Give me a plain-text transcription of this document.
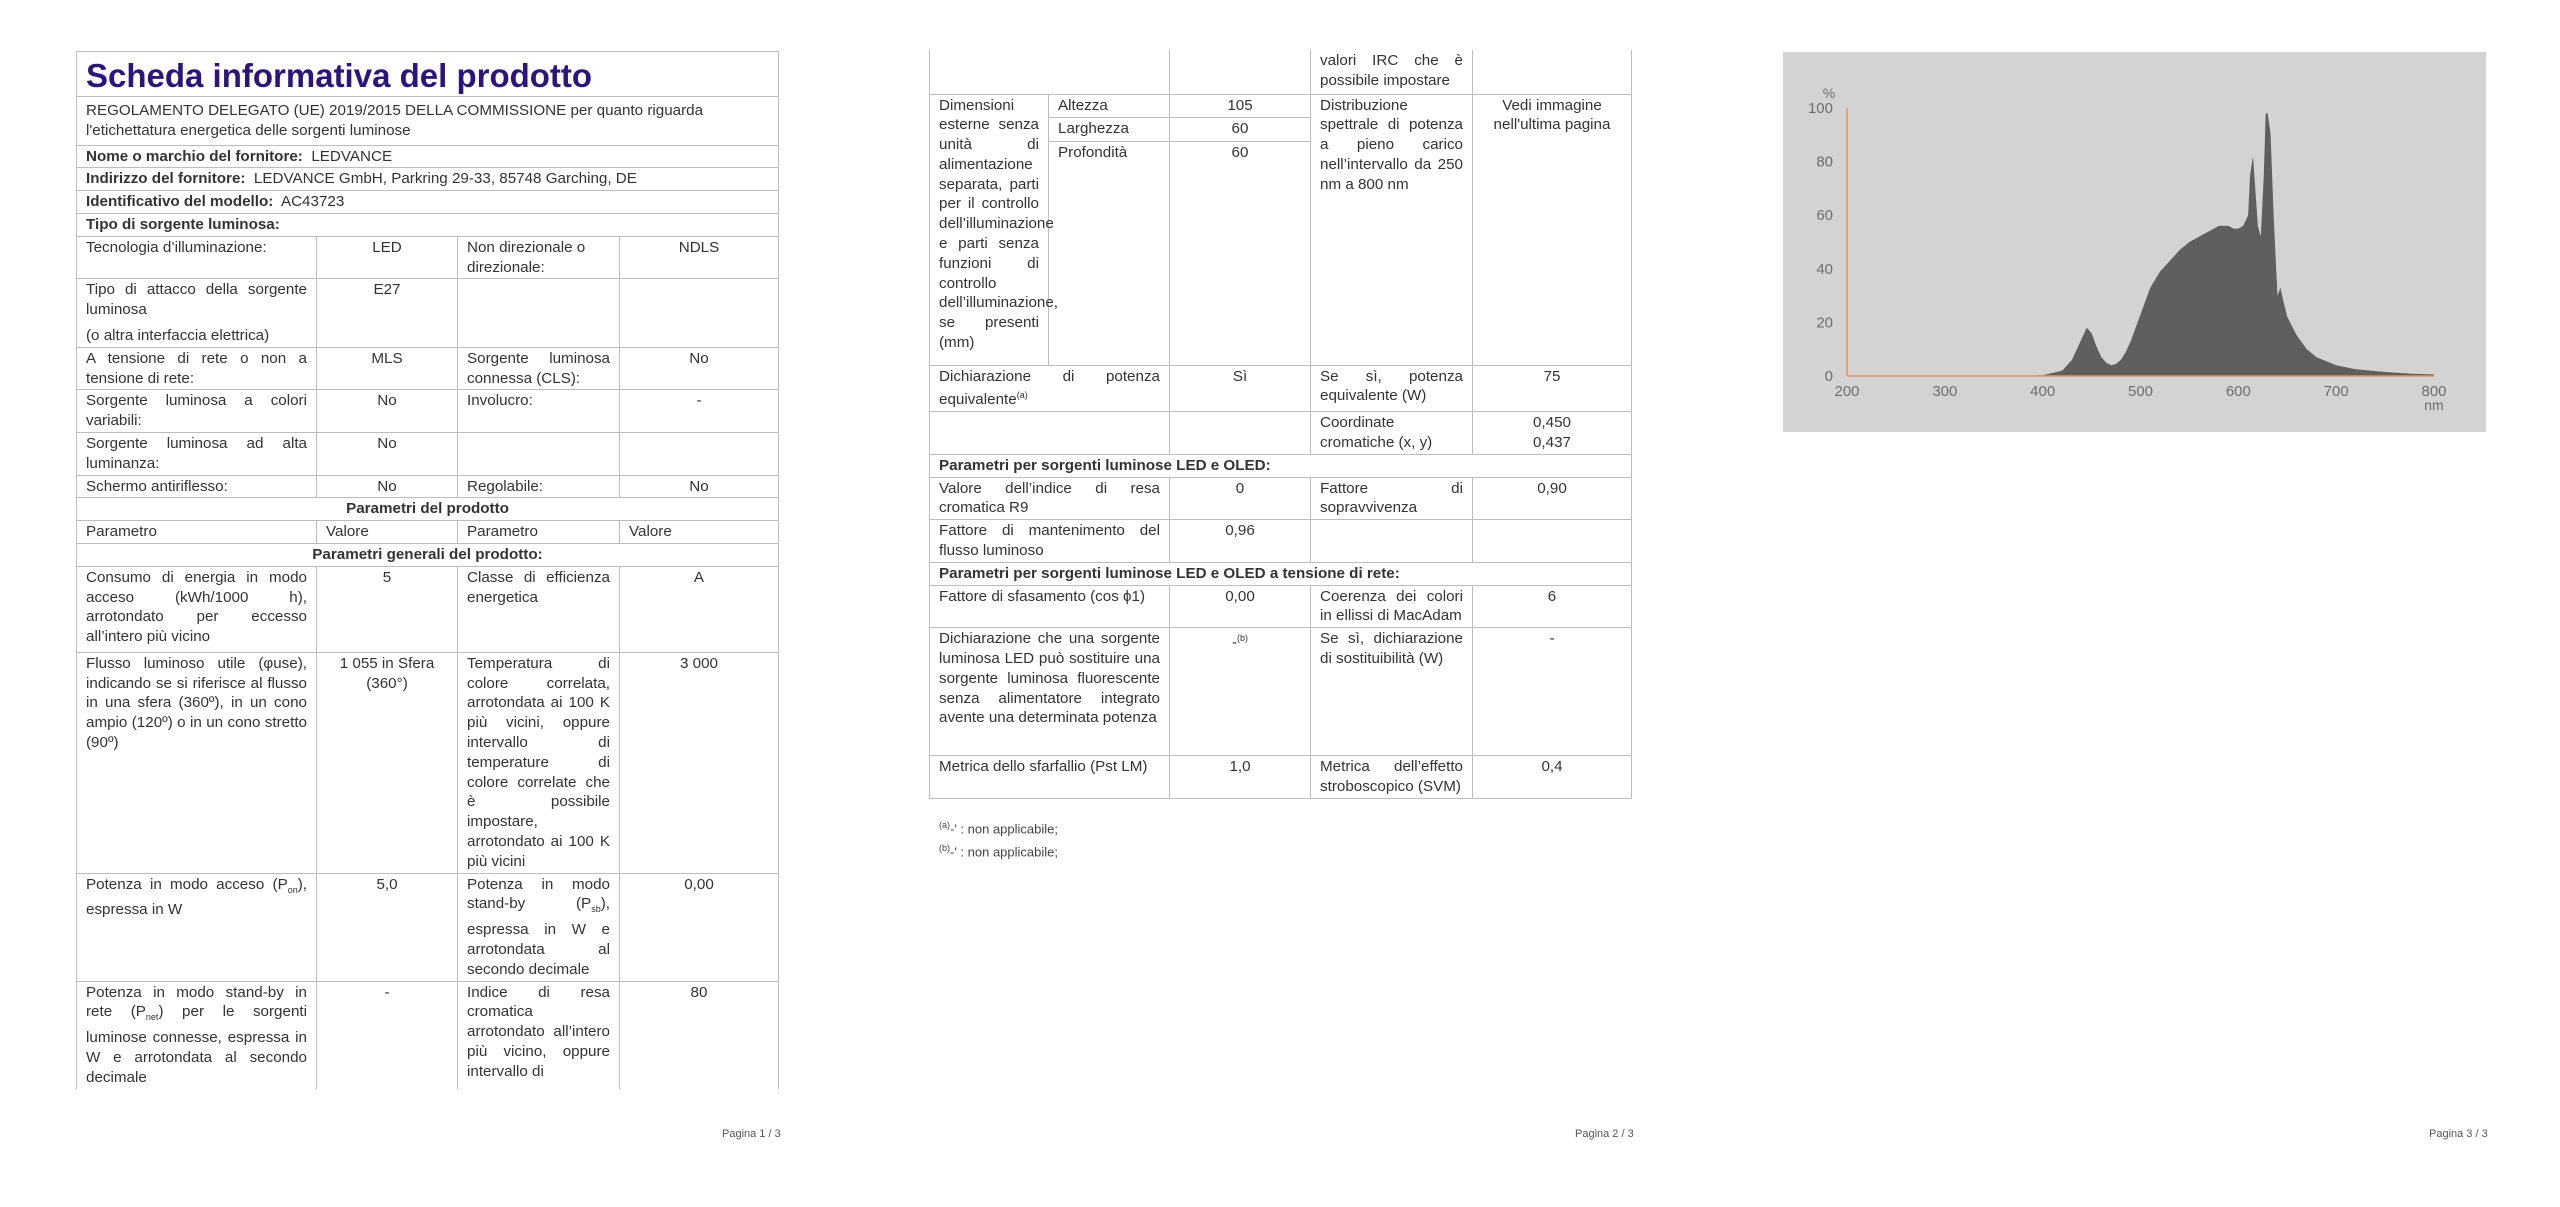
Scheda informativa del prodotto			
REGOLAMENTO DELEGATO (UE) 2019/2015 DELLA COMMISSIONE per quanto riguarda l'etichettatura energetica delle sorgenti luminose			
Nome o marchio del fornitore: LEDVANCE			
Indirizzo del fornitore: LEDVANCE GmbH, Parkring 29-33, 85748 Garching, DE			
Identificativo del modello: AC43723			
Tipo di sorgente luminosa:			
Tecnologia d’illuminazione:	LED	Non direzionale o direzionale:	NDLS

Tipo di attacco della sorgente luminosa
(o altra interfaccia elettrica)	E27		
A tensione di rete o non a tensione di rete:	MLS	Sorgente luminosa connessa (CLS):	No
Sorgente luminosa a colori variabili:	No	Involucro:	-
Sorgente luminosa ad alta luminanza:	No		
Schermo antiriflesso:	No	Regolabile:	No
Parametri del prodotto			
Parametro	Valore	Parametro	Valore
Parametri generali del prodotto:			
Consumo di energia in modo acceso (kWh/1000 h), arrotondato per eccesso all’intero più vicino	5	Classe di efficienza energetica	A
Flusso luminoso utile (φuse), indicando se si riferisce al flusso in una sfera (360º), in un cono ampio (120º) o in un cono stretto (90º)	1 055 in Sfera (360°)	Temperatura di colore correlata, arrotondata ai 100 K più vicini, oppure intervallo di temperature di colore correlate che è possibile impostare, arrotondato ai 100 K più vicini	3 000
Potenza in modo acceso $(P_{on})$, espressa in W	5,0	Potenza in modo stand-by $(P_{sb})$, espressa in W e arrotondata al secondo decimale	0,00
Potenza in modo stand-by in rete $(P_{net})$ per le sorgenti luminose connesse, espressa in W e arrotondata al secondo decimale	-	Indice di resa cromatica arrotondato all’intero più vicino, oppure intervallo di	80
Pagina 1 / 3
			valori IRC che è possibile impostare	
Dimensioni esterne senza unità di alimentazione separata, parti per il controllo dell’illuminazione e parti senza funzioni di controllo dell’illuminazione, se presenti (mm)	Altezza	105	Distribuzione spettrale di potenza a pieno carico nell’intervallo da 250 nm a 800 nm	Vedi immagine nell'ultima pagina
	Larghezza	60		
	Profondità	60		
Dichiarazione di potenza equivalente$^{(a)}$		Sì	Se sì, potenza equivalente (W)	75
			Coordinate cromatiche (x, y)	0,450
0,437

Parametri per sorgenti luminose LED e OLED:				
Valore dell’indice di resa cromatica R9		0	Fattore di sopravvivenza	0,90
Fattore di mantenimento del flusso luminoso		0,96		
Parametri per sorgenti luminose LED e OLED a tensione di rete:				
Fattore di sfasamento (cos ϕ1)		0,00	Coerenza dei colori in ellissi di MacAdam	6
Dichiarazione che una sorgente luminosa LED può sostituire una sorgente luminosa fluorescente senza alimentatore integrato avente una determinata potenza		-$^{(b)}$	Se sì, dichiarazione di sostituibilità (W)	-
Metrica dello sfarfallio (Pst LM)		1,0	Metrica dell’effetto stroboscopico (SVM)	0,4
$^{(a)}$-' : non applicabile;
$^{(b)}$-' : non applicabile;
Pagina 2 / 3	Pagina 3 / 3
0
20
40
60
80
100
200	300	400	500	600	700	800
%
nm
